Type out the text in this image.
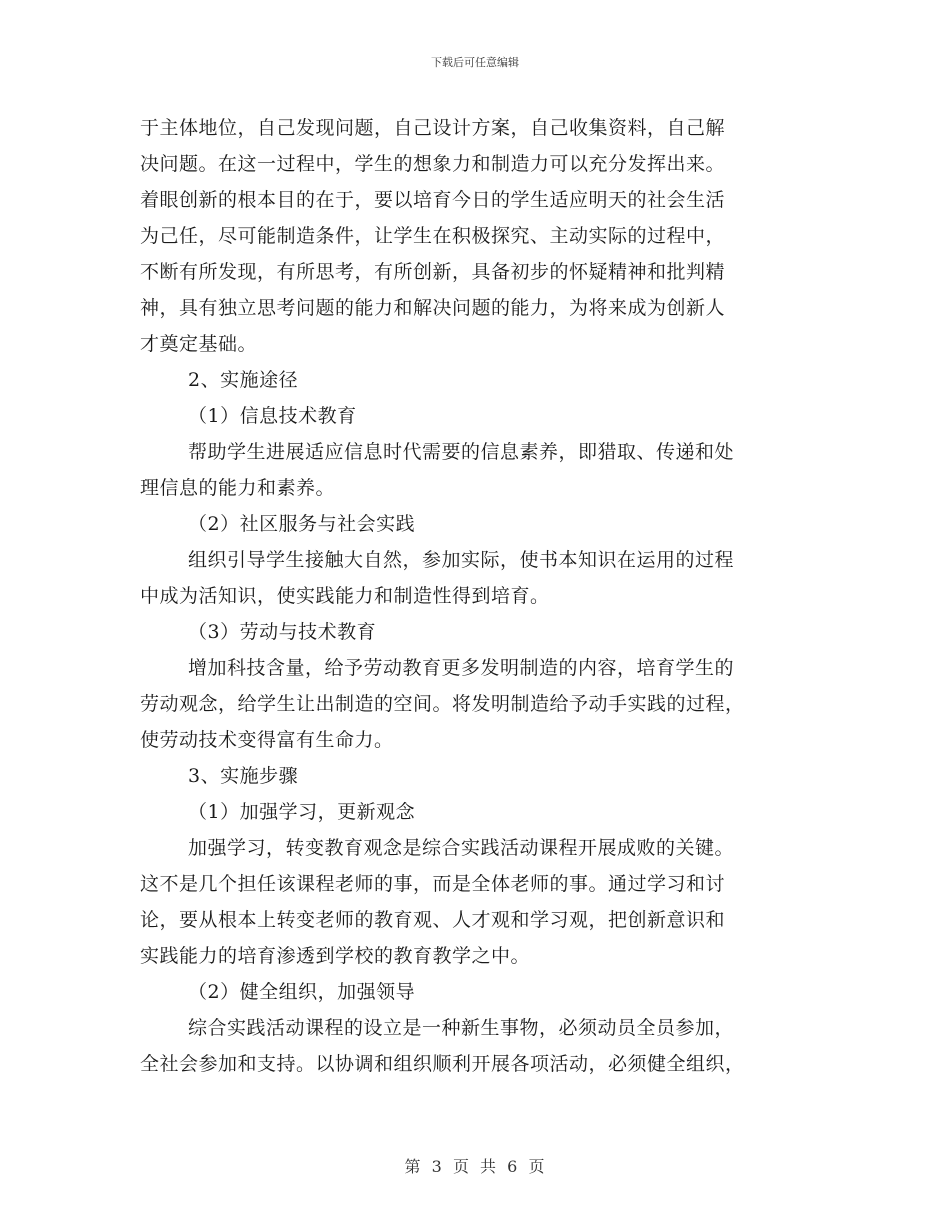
下载后可任意编辑
于主体地位，自己发现问题，自己设计方案，自己收集资料，自己解
决问题。在这一过程中，学生的想象力和制造力可以充分发挥出来。
着眼创新的根本目的在于，要以培育今日的学生适应明天的社会生活
为己任，尽可能制造条件，让学生在积极探究、主动实际的过程中，
不断有所发现，有所思考，有所创新，具备初步的怀疑精神和批判精
神，具有独立思考问题的能力和解决问题的能力，为将来成为创新人
才奠定基础。
2、实施途径
（1）信息技术教育
帮助学生进展适应信息时代需要的信息素养，即猎取、传递和处
理信息的能力和素养。
（2）社区服务与社会实践
组织引导学生接触大自然，参加实际，使书本知识在运用的过程
中成为活知识，使实践能力和制造性得到培育。
（3）劳动与技术教育
增加科技含量，给予劳动教育更多发明制造的内容，培育学生的
劳动观念，给学生让出制造的空间。将发明制造给予动手实践的过程，
使劳动技术变得富有生命力。
3、实施步骤
（1）加强学习，更新观念
加强学习，转变教育观念是综合实践活动课程开展成败的关键。
这不是几个担任该课程老师的事，而是全体老师的事。通过学习和讨
论，要从根本上转变老师的教育观、人才观和学习观，把创新意识和
实践能力的培育渗透到学校的教育教学之中。
（2）健全组织，加强领导
综合实践活动课程的设立是一种新生事物，必须动员全员参加，
全社会参加和支持。以协调和组织顺利开展各项活动，必须健全组织，
第 3 页 共 6 页
